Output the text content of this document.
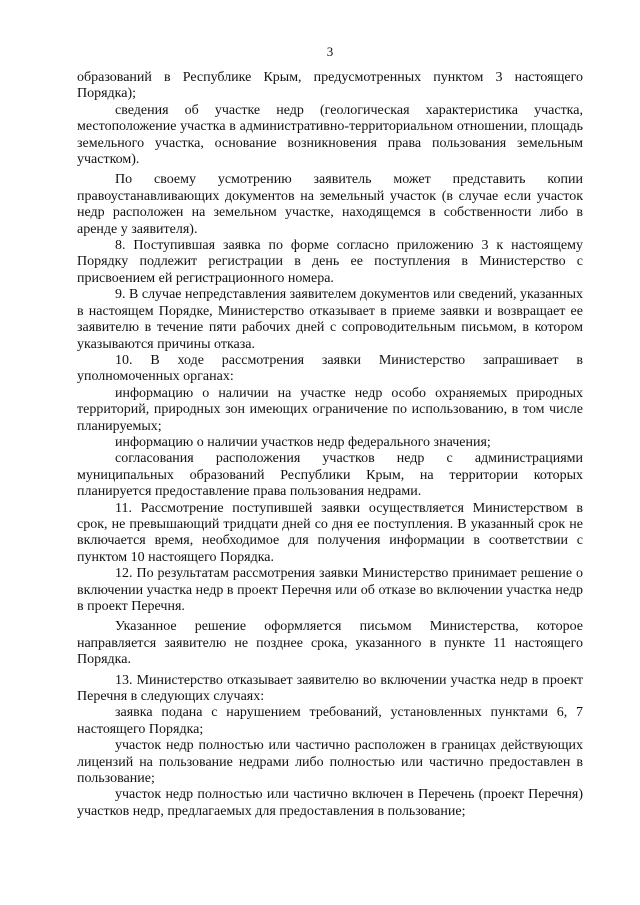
3

образований в Республике Крым, предусмотренных пунктом 3 настоящего Порядка);

сведения об участке недр (геологическая характеристика участка, местоположение участка в административно-территориальном отношении, площадь земельного участка, основание возникновения права пользования земельным участком).

По своему усмотрению заявитель может представить копии правоустанавливающих документов на земельный участок (в случае если участок недр расположен на земельном участке, находящемся в собственности либо в аренде у заявителя).

8. Поступившая заявка по форме согласно приложению 3 к настоящему Порядку подлежит регистрации в день ее поступления в Министерство с присвоением ей регистрационного номера.

9. В случае непредставления заявителем документов или сведений, указанных в настоящем Порядке, Министерство отказывает в приеме заявки и возвращает ее заявителю в течение пяти рабочих дней с сопроводительным письмом, в котором указываются причины отказа.

10. В ходе рассмотрения заявки Министерство запрашивает в уполномоченных органах:

информацию о наличии на участке недр особо охраняемых природных территорий, природных зон имеющих ограничение по использованию, в том числе планируемых;

информацию о наличии участков недр федерального значения;

согласования расположения участков недр с администрациями муниципальных образований Республики Крым, на территории которых планируется предоставление права пользования недрами.

11. Рассмотрение поступившей заявки осуществляется Министерством в срок, не превышающий тридцати дней со дня ее поступления. В указанный срок не включается время, необходимое для получения информации в соответствии с пунктом 10 настоящего Порядка.

12. По результатам рассмотрения заявки Министерство принимает решение о включении участка недр в проект Перечня или об отказе во включении участка недр в проект Перечня.

Указанное решение оформляется письмом Министерства, которое направляется заявителю не позднее срока, указанного в пункте 11 настоящего Порядка.

13. Министерство отказывает заявителю во включении участка недр в проект Перечня в следующих случаях:

заявка подана с нарушением требований, установленных пунктами 6, 7 настоящего Порядка;

участок недр полностью или частично расположен в границах действующих лицензий на пользование недрами либо полностью или частично предоставлен в пользование;

участок недр полностью или частично включен в Перечень (проект Перечня) участков недр, предлагаемых для предоставления в пользование;
